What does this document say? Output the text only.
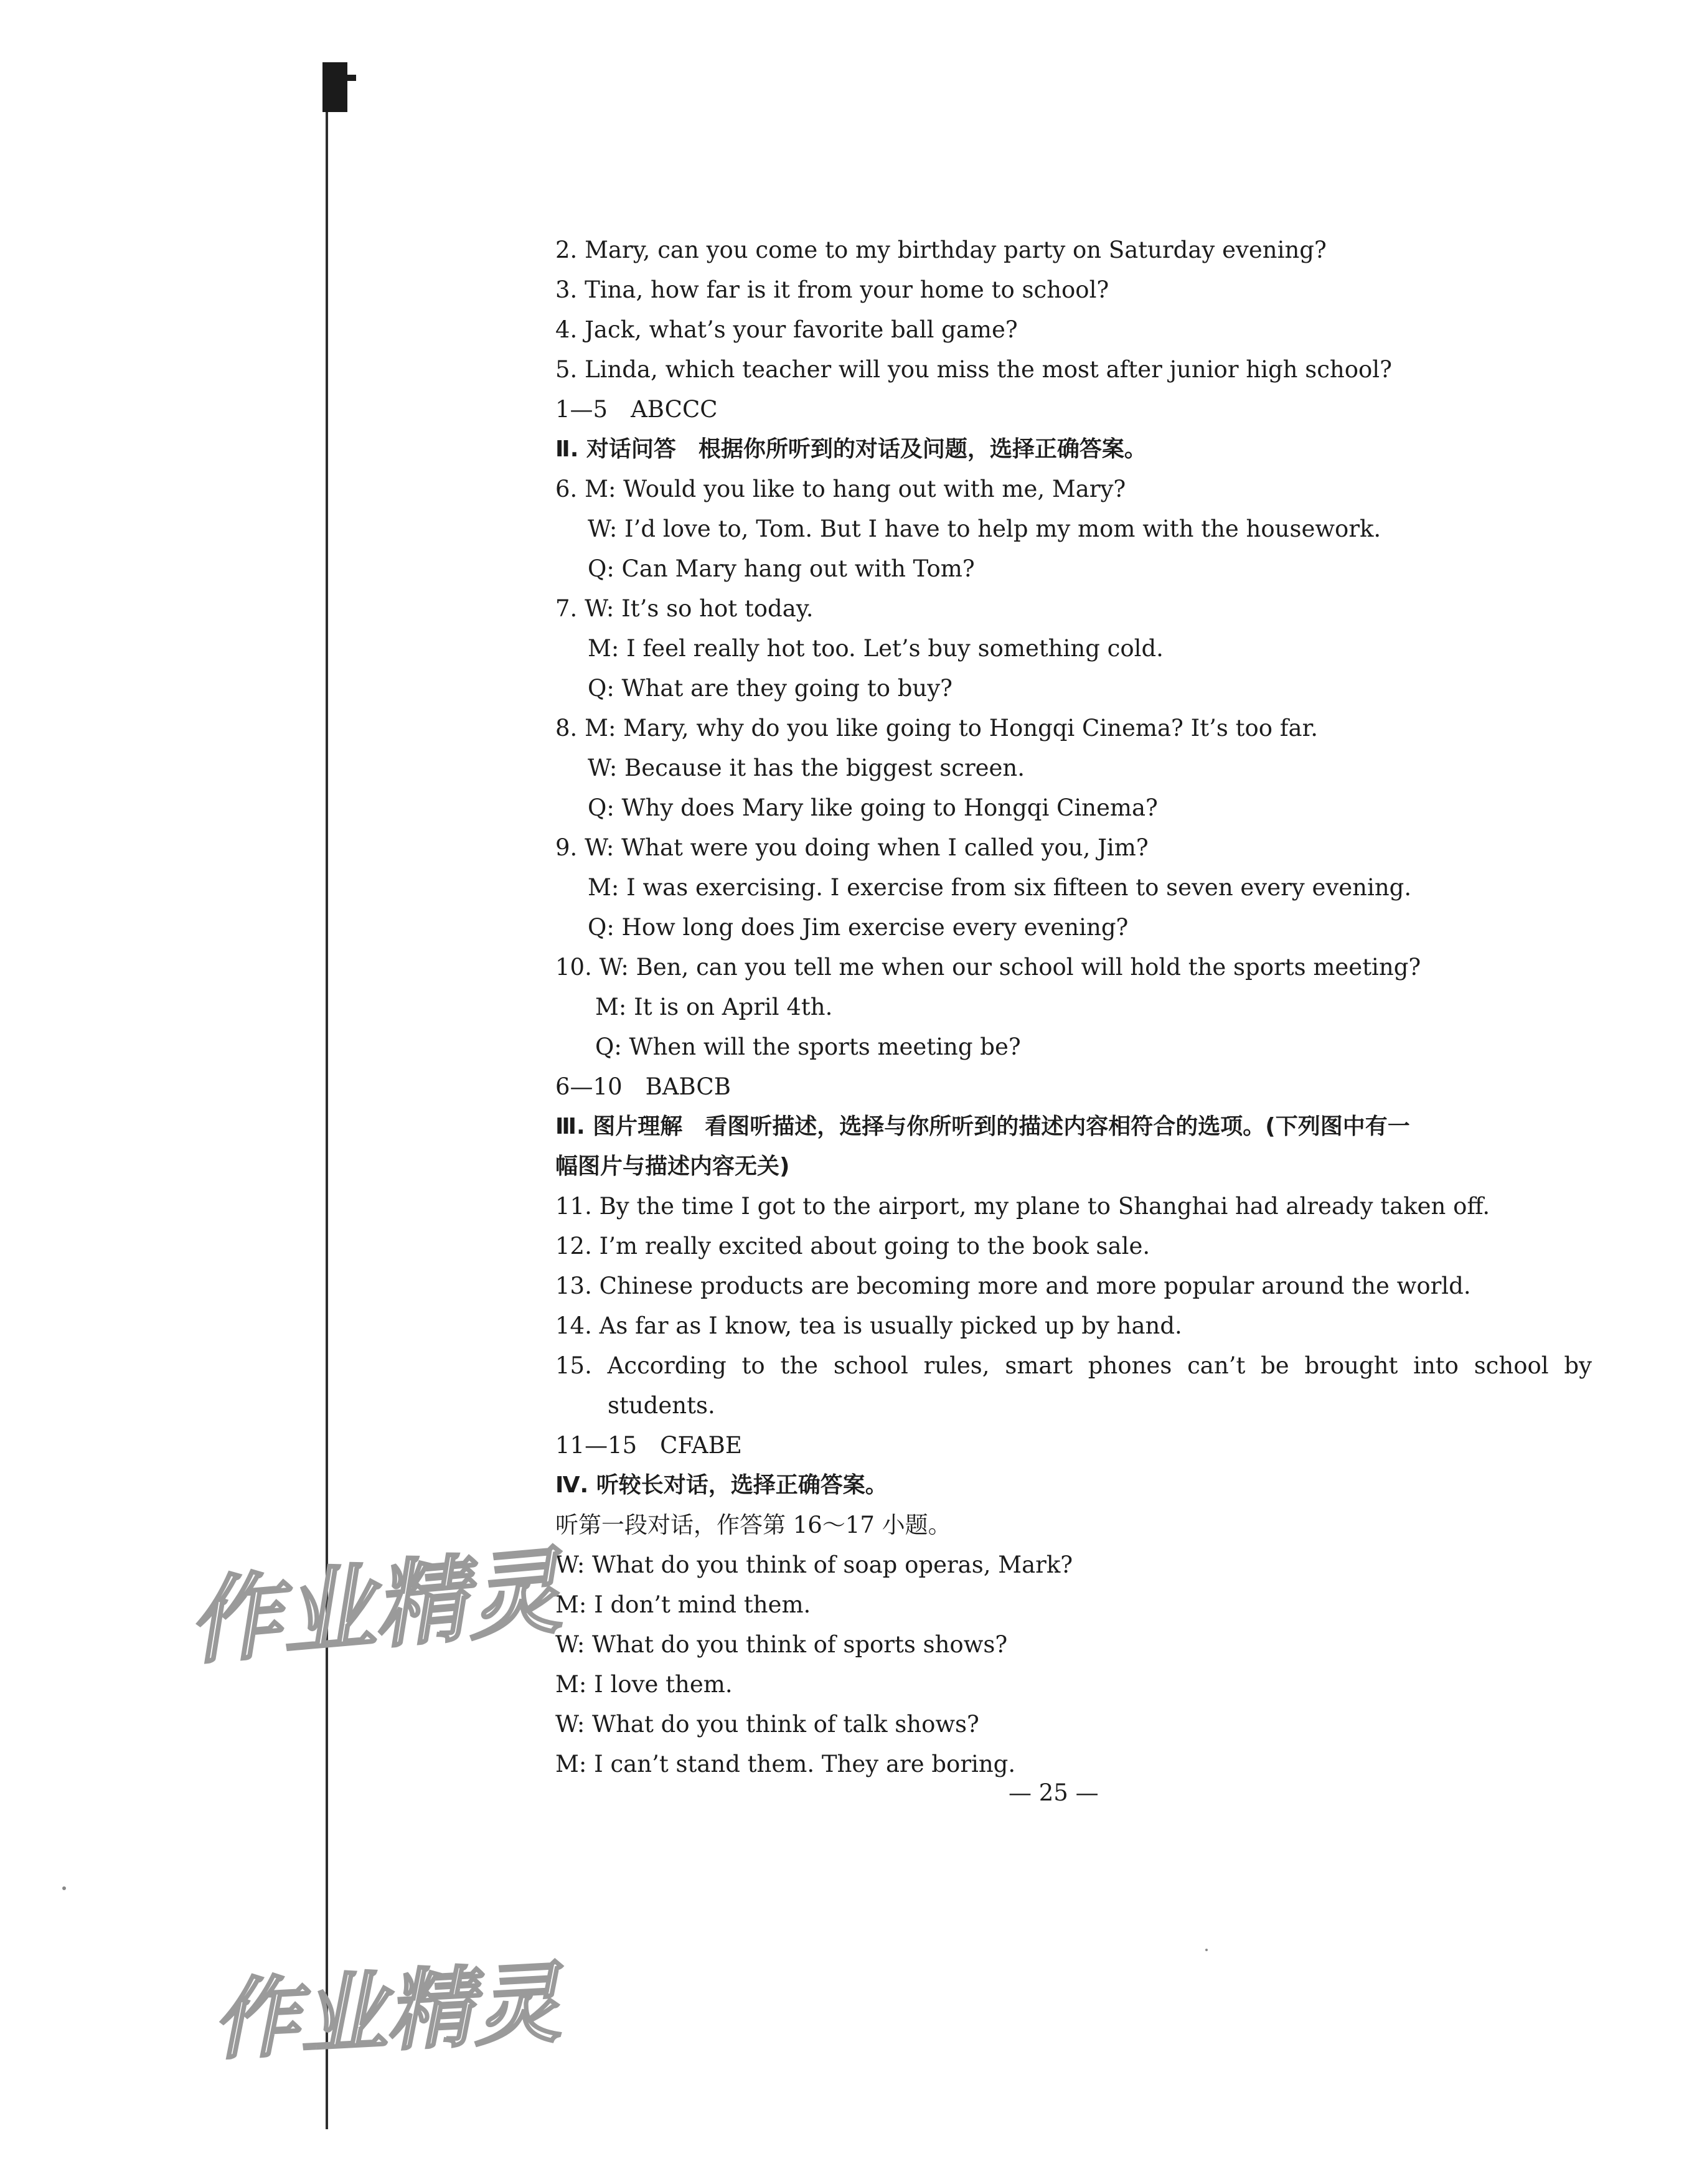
2. Mary, can you come to my birthday party on Saturday evening?
3. Tina, how far is it from your home to school?
4. Jack, what’s your favorite ball game?
5. Linda, which teacher will you miss the most after junior high school?
1—5　ABCCC
Ⅱ. 对话问答　根据你所听到的对话及问题，选择正确答案。
6. M: Would you like to hang out with me, Mary?
W: I’d love to, Tom. But I have to help my mom with the housework.
Q: Can Mary hang out with Tom?
7. W: It’s so hot today.
M: I feel really hot too. Let’s buy something cold.
Q: What are they going to buy?
8. M: Mary, why do you like going to Hongqi Cinema? It’s too far.
W: Because it has the biggest screen.
Q: Why does Mary like going to Hongqi Cinema?
9. W: What were you doing when I called you, Jim?
M: I was exercising. I exercise from six fifteen to seven every evening.
Q: How long does Jim exercise every evening?
10. W: Ben, can you tell me when our school will hold the sports meeting?
M: It is on April 4th.
Q: When will the sports meeting be?
6—10　BABCB
Ⅲ. 图片理解　看图听描述，选择与你所听到的描述内容相符合的选项。(下列图中有一
幅图片与描述内容无关)
11. By the time I got to the airport, my plane to Shanghai had already taken off.
12. I’m really excited about going to the book sale.
13. Chinese products are becoming more and more popular around the world.
14. As far as I know, tea is usually picked up by hand.
15. According to the school rules, smart phones can’t be brought into school by
students.
11—15　CFABE
Ⅳ. 听较长对话，选择正确答案。
听第一段对话，作答第 16～17 小题。
W: What do you think of soap operas, Mark?
M: I don’t mind them.
W: What do you think of sports shows?
M: I love them.
W: What do you think of talk shows?
M: I can’t stand them. They are boring.
— 25 —
作业精灵
作业精灵
